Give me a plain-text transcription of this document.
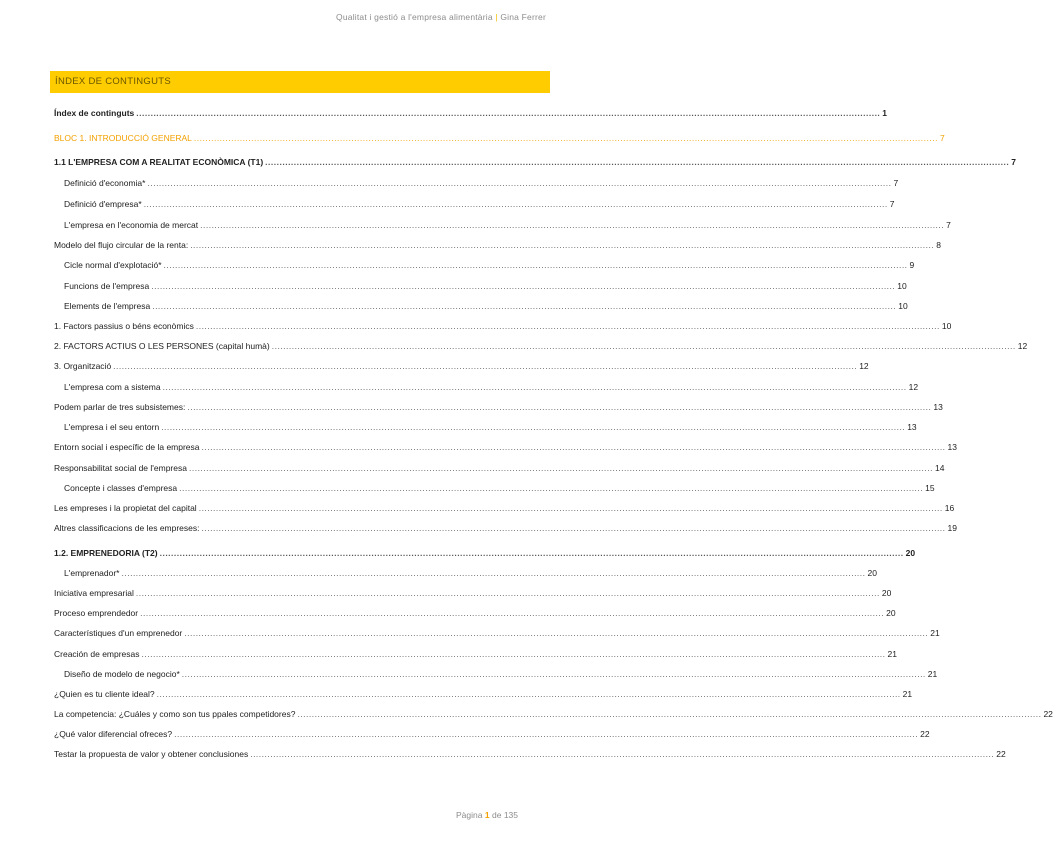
Qualitat i gestió a l'empresa alimentària | Gina Ferrer
ÍNDEX DE CONTINGUTS
Índex de continguts .................................................................................................................................................................................................................................................................... 1
BLOC 1. INTRODUCCIÓ GENERAL .................................................................................................................................................................................................................................................................... 7
1.1 L'EMPRESA COM A REALITAT ECONÒMICA (T1) .................................................................................................................................................................................................................................................................... 7
Definició d'economia* .................................................................................................................................................................................................................................................................... 7
Definició d'empresa* .................................................................................................................................................................................................................................................................... 7
L'empresa en l'economia de mercat .................................................................................................................................................................................................................................................................... 7
Modelo del flujo circular de la renta: .................................................................................................................................................................................................................................................................... 8
Cicle normal d'explotació* .................................................................................................................................................................................................................................................................... 9
Funcions de l'empresa .................................................................................................................................................................................................................................................................... 10
Elements de l'empresa .................................................................................................................................................................................................................................................................... 10
1. Factors passius o béns econòmics .................................................................................................................................................................................................................................................................... 10
2. FACTORS ACTIUS O LES PERSONES (capital humà) .................................................................................................................................................................................................................................................................... 12
3. Organització .................................................................................................................................................................................................................................................................... 12
L'empresa com a sistema .................................................................................................................................................................................................................................................................... 12
Podem parlar de tres subsistemes: .................................................................................................................................................................................................................................................................... 13
L'empresa i el seu entorn .................................................................................................................................................................................................................................................................... 13
Entorn social i específic de la empresa .................................................................................................................................................................................................................................................................... 13
Responsabilitat social de l'empresa .................................................................................................................................................................................................................................................................... 14
Concepte i classes d'empresa .................................................................................................................................................................................................................................................................... 15
Les empreses i la propietat del capital .................................................................................................................................................................................................................................................................... 16
Altres classificacions de les empreses: .................................................................................................................................................................................................................................................................... 19
1.2. EMPRENEDORIA (T2) .................................................................................................................................................................................................................................................................... 20
L'emprenador* .................................................................................................................................................................................................................................................................... 20
Iniciativa empresarial .................................................................................................................................................................................................................................................................... 20
Proceso emprendedor .................................................................................................................................................................................................................................................................... 20
Característiques d'un emprenedor .................................................................................................................................................................................................................................................................... 21
Creación de empresas .................................................................................................................................................................................................................................................................... 21
Diseño de modelo de negocio* .................................................................................................................................................................................................................................................................... 21
¿Quien es tu cliente ideal? .................................................................................................................................................................................................................................................................... 21
La competencia: ¿Cuáles y como son tus ppales competidores? .................................................................................................................................................................................................................................................................... 22
¿Qué valor diferencial ofreces? .................................................................................................................................................................................................................................................................... 22
Testar la propuesta de valor y obtener conclusiones .................................................................................................................................................................................................................................................................... 22
Pàgina 1 de 135
